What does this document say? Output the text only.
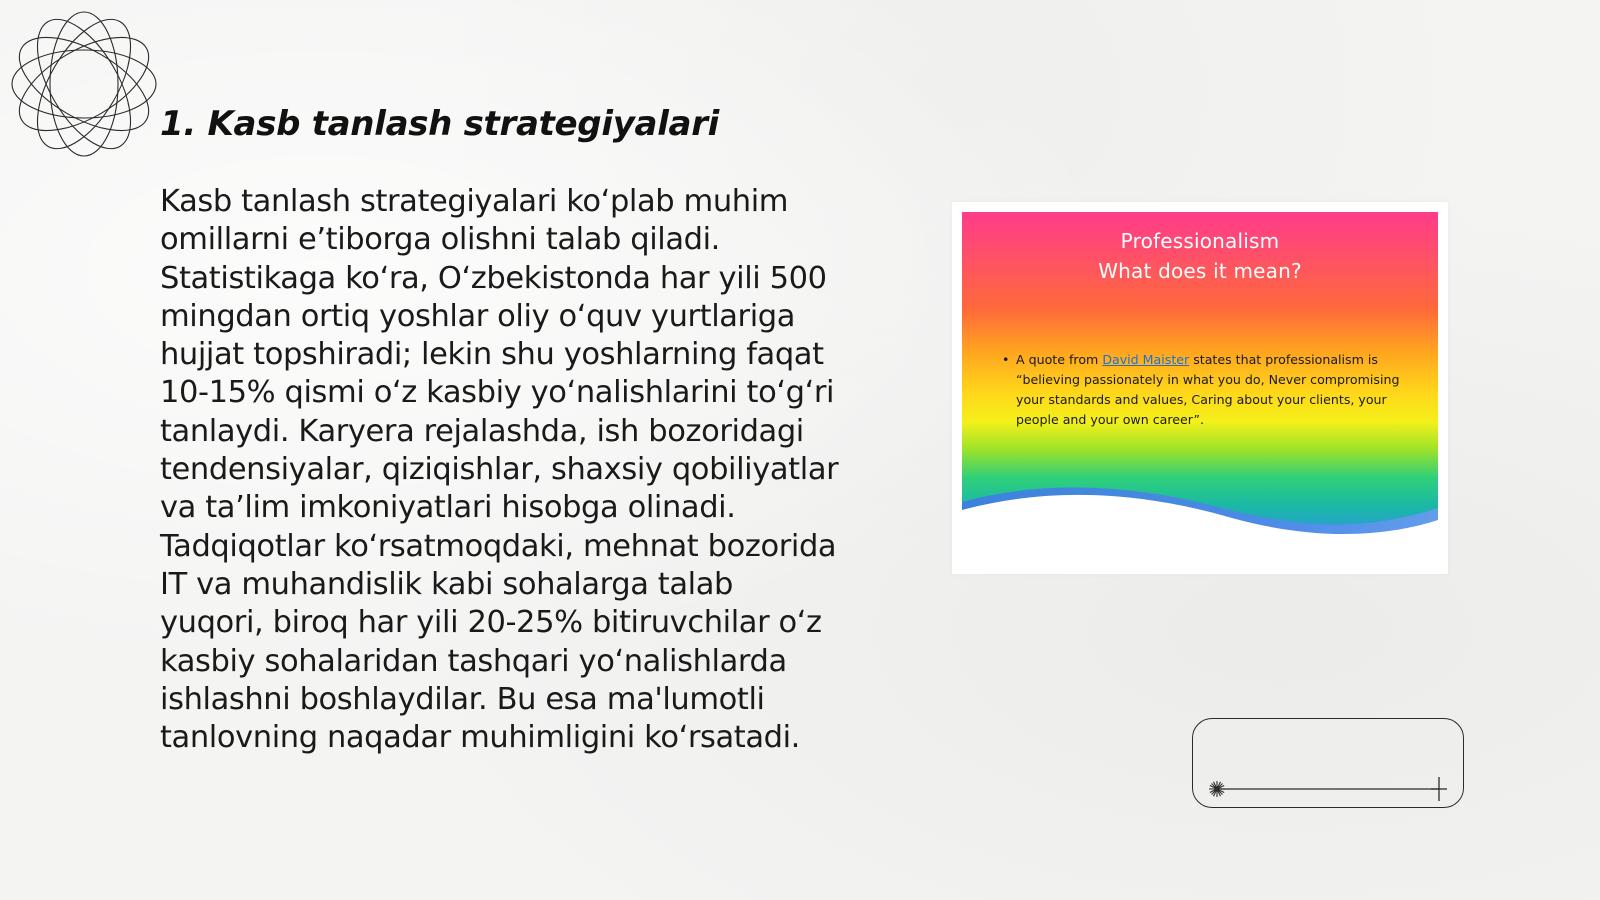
1. Kasb tanlash strategiyalari

Kasb tanlash strategiyalari koʻplab muhim omillarni eʼtiborga olishni talab qiladi. Statistikaga koʻra, Oʻzbekistonda har yili 500 mingdan ortiq yoshlar oliy oʻquv yurtlariga hujjat topshiradi; lekin shu yoshlarning faqat 10-15% qismi oʻz kasbiy yoʻnalishlarini toʻgʻri tanlaydi. Karyera rejalashda, ish bozoridagi tendensiyalar, qiziqishlar, shaxsiy qobiliyatlar va taʼlim imkoniyatlari hisobga olinadi. Tadqiqotlar koʻrsatmoqdaki, mehnat bozorida IT va muhandislik kabi sohalarga talab yuqori, biroq har yili 20-25% bitiruvchilar oʻz kasbiy sohalaridan tashqari yoʻnalishlarda ishlashni boshlaydilar. Bu esa ma'lumotli tanlovning naqadar muhimligini koʻrsatadi.

Professionalism
What does it mean?
• A quote from David Maister states that professionalism is “believing passionately in what you do, Never compromising your standards and values, Caring about your clients, your people and your own career”.
